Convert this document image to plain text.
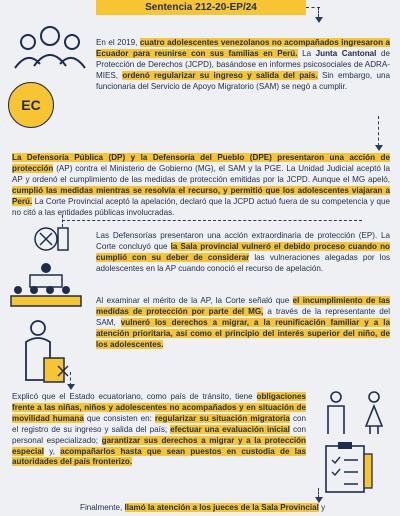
Sentencia 212-20-EP/24
EC

En el 2019, cuatro adolescentes venezolanos no acompañados ingresaron a Ecuador para reunirse con sus familias en Perú. La Junta Cantonal de Protección de Derechos (JCPD), basándose en informes psicosociales de ADRA-MIES, ordenó regularizar su ingreso y salida del país. Sin embargo, una funcionaria del Servicio de Apoyo Migratorio (SAM) se negó a cumplir.

La Defensoría Pública (DP) y la Defensoría del Pueblo (DPE) presentaron una acción de protección (AP) contra el Ministerio de Gobierno (MG), el SAM y la PGE. La Unidad Judicial aceptó la AP y ordenó el cumplimiento de las medidas de protección emitidas por la JCPD. Aunque el MG apeló, cumplió las medidas mientras se resolvía el recurso, y permitió que los adolescentes viajaran a Perú. La Corte Provincial aceptó la apelación, declaró que la JCPD actuó fuera de su competencia y que no citó a las entidades públicas involucradas.

Las Defensorías presentaron una acción extraordinaria de protección (EP). La Corte concluyó que la Sala provincial vulneró el debido proceso cuando no cumplió con su deber de considerar las vulneraciones alegadas por los adolescentes en la AP cuando conoció el recurso de apelación.

Al examinar el mérito de la AP, la Corte señaló que el incumplimiento de las medidas de protección por parte del MG, a través de la representante del SAM, vulneró los derechos a migrar, a la reunificación familiar y a la atención prioritaria, así como el principio del interés superior del niño, de los adolescentes.

Explicó que el Estado ecuatoriano, como país de tránsito, tiene obligaciones frente a las niñas, niños y adolescentes no acompañados y en situación de movilidad humana que consisten en: regularizar su situación migratoria con el registro de su ingreso y salida del país; efectuar una evaluación inicial con personal especializado; garantizar sus derechos a migrar y a la protección especial y, acompañarlos hasta que sean puestos en custodia de las autoridades del país fronterizo.

Finalmente, llamó la atención a los jueces de la Sala Provincial y
